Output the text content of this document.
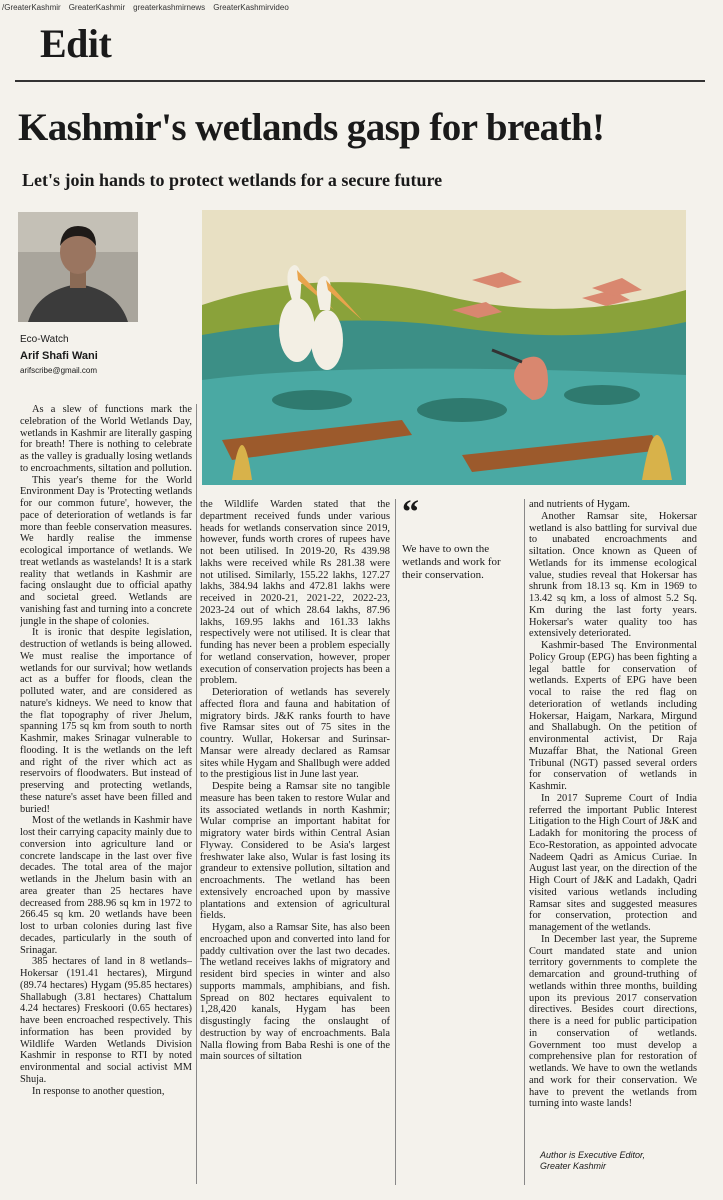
/GreaterKashmir GreaterKashmir greaterkashmirnews GreaterKashmirvideo
Edit
Kashmir's wetlands gasp for breath!
Let's join hands to protect wetlands for a secure future
Eco-Watch
Arif Shafi Wani
arifscribe@gmail.com

As a slew of functions mark the celebration of the World Wetlands Day, wetlands in Kashmir are literally gasping for breath! There is nothing to celebrate as the valley is gradually losing wetlands to encroachments, siltation and pollution.

This year's theme for the World Environment Day is 'Protecting wetlands for our common future', however, the pace of deterioration of wetlands is far more than feeble conservation measures. We hardly realise the immense ecological importance of wetlands. We treat wetlands as wastelands! It is a stark reality that wetlands in Kashmir are facing onslaught due to official apathy and societal greed. Wetlands are vanishing fast and turning into a concrete jungle in the shape of colonies.

It is ironic that despite legislation, destruction of wetlands is being allowed. We must realise the importance of wetlands for our survival; how wetlands act as a buffer for floods, clean the polluted water, and are considered as nature's kidneys. We need to know that the flat topography of river Jhelum, spanning 175 sq km from south to north Kashmir, makes Srinagar vulnerable to flooding. It is the wetlands on the left and right of the river which act as reservoirs of floodwaters. But instead of preserving and protecting wetlands, these nature's asset have been filled and buried!

Most of the wetlands in Kashmir have lost their carrying capacity mainly due to conversion into agriculture land or concrete landscape in the last over five decades. The total area of the major wetlands in the Jhelum basin with an area greater than 25 hectares have decreased from 288.96 sq km in 1972 to 266.45 sq km. 20 wetlands have been lost to urban colonies during last five decades, particularly in the south of Srinagar.

385 hectares of land in 8 wetlands–Hokersar (191.41 hectares), Mirgund (89.74 hectares) Hygam (95.85 hectares) Shallabugh (3.81 hectares) Chattalum 4.24 hectares) Freskoori (0.65 hectares) have been encroached respectively. This information has been provided by Wildlife Warden Wetlands Division Kashmir in response to RTI by noted environmental and social activist MM Shuja.

In response to another question,

the Wildlife Warden stated that the department received funds under various heads for wetlands conservation since 2019, however, funds worth crores of rupees have not been utilised. In 2019-20, Rs 439.98 lakhs were received while Rs 281.38 were not utilised. Similarly, 155.22 lakhs, 127.27 lakhs, 384.94 lakhs and 472.81 lakhs were received in 2020-21, 2021-22, 2022-23, 2023-24 out of which 28.64 lakhs, 87.96 lakhs, 169.95 lakhs and 161.33 lakhs respectively were not utilised. It is clear that funding has never been a problem especially for wetland conservation, however, proper execution of conservation projects has been a problem.

Deterioration of wetlands has severely affected flora and fauna and habitation of migratory birds. J&K ranks fourth to have five Ramsar sites out of 75 sites in the country. Wullar, Hokersar and Surinsar-Mansar were already declared as Ramsar sites while Hygam and Shallbugh were added to the prestigious list in June last year.

Despite being a Ramsar site no tangible measure has been taken to restore Wular and its associated wetlands in north Kashmir; Wular comprise an important habitat for migratory water birds within Central Asian Flyway. Considered to be Asia's largest freshwater lake also, Wular is fast losing its grandeur to extensive pollution, siltation and encroachments. The wetland has been extensively encroached upon by massive plantations and extension of agricultural fields.

Hygam, also a Ramsar Site, has also been encroached upon and converted into land for paddy cultivation over the last two decades. The wetland receives lakhs of migratory and resident bird species in winter and also supports mammals, amphibians, and fish. Spread on 802 hectares equivalent to 1,28,420 kanals, Hygam has been disgustingly facing the onslaught of destruction by way of encroachments. Bala Nalla flowing from Baba Reshi is one of the main sources of siltation

“
We have to own the wetlands and work for their conservation.

and nutrients of Hygam.

Another Ramsar site, Hokersar wetland is also battling for survival due to unabated encroachments and siltation. Once known as Queen of Wetlands for its immense ecological value, studies reveal that Hokersar has shrunk from 18.13 sq. Km in 1969 to 13.42 sq km, a loss of almost 5.2 Sq. Km during the last forty years. Hokersar's water quality too has extensively deteriorated.

Kashmir-based The Environmental Policy Group (EPG) has been fighting a legal battle for conservation of wetlands. Experts of EPG have been vocal to raise the red flag on deterioration of wetlands including Hokersar, Haigam, Narkara, Mirgund and Shallabugh. On the petition of environmental activist, Dr Raja Muzaffar Bhat, the National Green Tribunal (NGT) passed several orders for conservation of wetlands in Kashmir.

In 2017 Supreme Court of India referred the important Public Interest Litigation to the High Court of J&K and Ladakh for monitoring the process of Eco-Restoration, as appointed advocate Nadeem Qadri as Amicus Curiae. In August last year, on the direction of the High Court of J&K and Ladakh, Qadri visited various wetlands including Ramsar sites and suggested measures for conservation, protection and management of the wetlands.

In December last year, the Supreme Court mandated state and union territory governments to complete the demarcation and ground-truthing of wetlands within three months, building upon its previous 2017 conservation directives. Besides court directions, there is a need for public participation in conservation of wetlands. Government too must develop a comprehensive plan for restoration of wetlands. We have to own the wetlands and work for their conservation. We have to prevent the wetlands from turning into waste lands!

Author is Executive Editor,
Greater Kashmir
